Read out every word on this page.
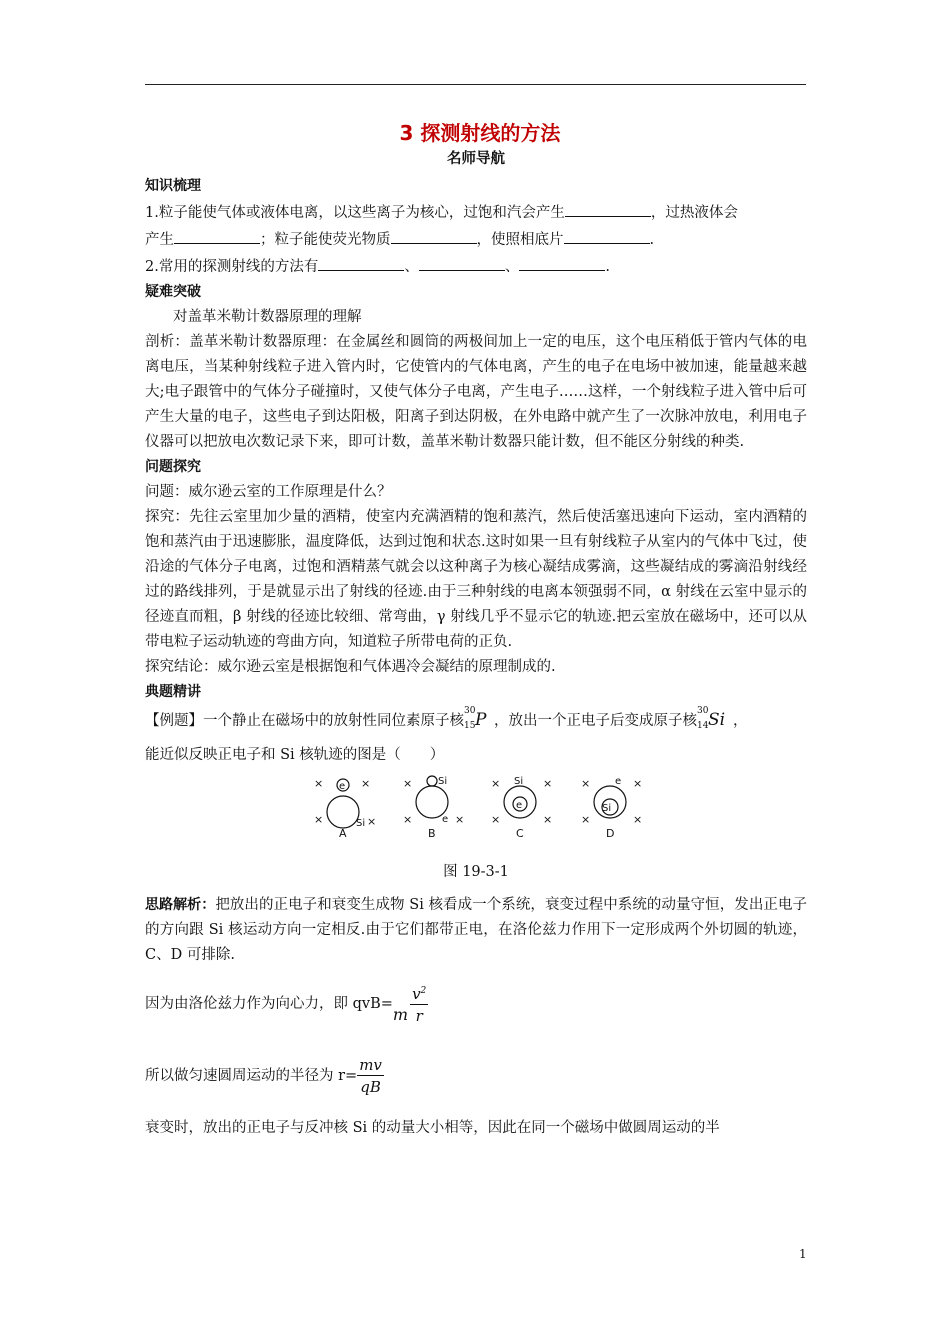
3 探测射线的方法
名师导航
知识梳理

1.粒子能使气体或液体电离，以这些离子为核心，过饱和汽会产生	，过热液体会

产生	；粒子能使荧光物质	，使照相底片	.

2.常用的探测射线的方法有	、	、	.

疑难突破

对盖革米勒计数器原理的理解

剖析：盖革米勒计数器原理：在金属丝和圆筒的两极间加上一定的电压，这个电压稍低于管内气体的电离电压，当某种射线粒子进入管内时，它使管内的气体电离，产生的电子在电场中被加速，能量越来越大;电子跟管中的气体分子碰撞时，又使气体分子电离，产生电子……这样，一个射线粒子进入管中后可产生大量的电子，这些电子到达阳极，阳离子到达阴极，在外电路中就产生了一次脉冲放电，利用电子仪器可以把放电次数记录下来，即可计数，盖革米勒计数器只能计数，但不能区分射线的种类.

问题探究

问题：威尔逊云室的工作原理是什么？

探究：先往云室里加少量的酒精，使室内充满酒精的饱和蒸汽，然后使活塞迅速向下运动，室内酒精的饱和蒸汽由于迅速膨胀，温度降低，达到过饱和状态.这时如果一旦有射线粒子从室内的气体中飞过，使沿途的气体分子电离，过饱和酒精蒸气就会以这种离子为核心凝结成雾滴，这些凝结成的雾滴沿射线经过的路线排列，于是就显示出了射线的径迹.由于三种射线的电离本领强弱不同，α 射线在云室中显示的径迹直而粗，β 射线的径迹比较细、常弯曲，γ 射线几乎不显示它的轨迹.把云室放在磁场中，还可以从带电粒子运动轨迹的弯曲方向，知道粒子所带电荷的正负.

探究结论：威尔逊云室是根据饱和气体遇冷会凝结的原理制成的.

典题精讲

【例题】一个静止在磁场中的放射性同位素原子核
30
15 P ，放出一个正电子后变成原子核
30
14 Si ，

能近似反映正电子和 Si 核轨迹的图是（　　）

×	×
×	×
×
×	×
×	×
×	×
×	×
×	×
e
Si
Si
e
Si
e
e
Si
A	B	C	D
图 19-3-1

思路解析：把放出的正电子和衰变生成物 Si 核看成一个系统，衰变过程中系统的动量守恒，发出正电子的方向跟 Si 核运动方向一定相反.由于它们都带正电，在洛伦兹力作用下一定形成两个外切圆的轨迹，C、D 可排除.

因为由洛伦兹力作为向心力，即 qvB=
m $\frac{v^2}{r}$
所以做匀速圆周运动的半径为 $r= \frac{mv}{qB}$

衰变时，放出的正电子与反冲核 Si 的动量大小相等，因此在同一个磁场中做圆周运动的半

1
